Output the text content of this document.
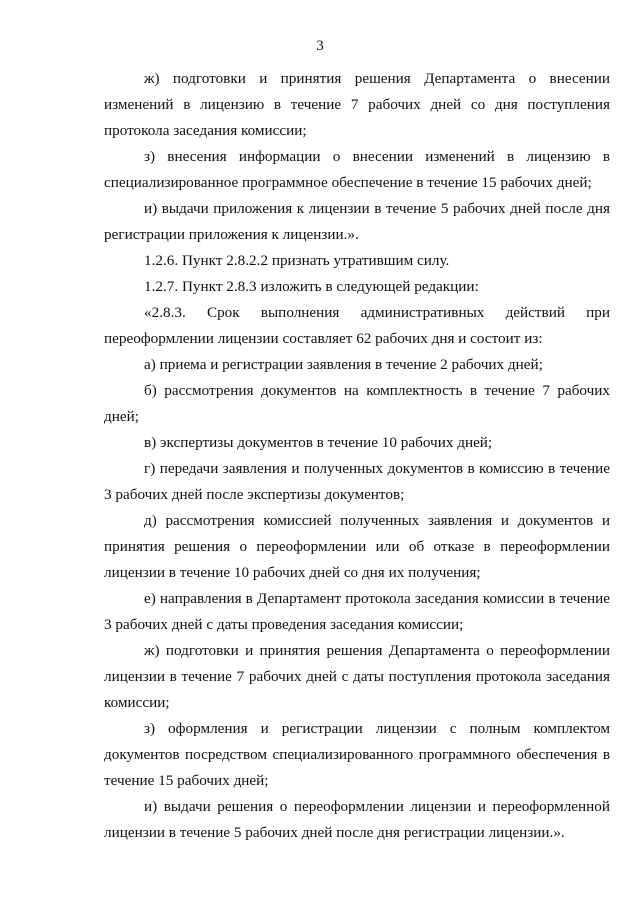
3

ж) подготовки и принятия решения Департамента о внесении изменений в лицензию в течение 7 рабочих дней со дня поступления протокола заседания комиссии;

з) внесения информации о внесении изменений в лицензию в специализированное программное обеспечение в течение 15 рабочих дней;

и) выдачи приложения к лицензии в течение 5 рабочих дней после дня регистрации приложения к лицензии.».

1.2.6. Пункт 2.8.2.2 признать утратившим силу.

1.2.7. Пункт 2.8.3 изложить в следующей редакции:

«2.8.3. Срок выполнения административных действий при переоформлении лицензии составляет 62 рабочих дня и состоит из:

а) приема и регистрации заявления в течение 2 рабочих дней;

б) рассмотрения документов на комплектность в течение 7 рабочих дней;

в) экспертизы документов в течение 10 рабочих дней;

г) передачи заявления и полученных документов в комиссию в течение 3 рабочих дней после экспертизы документов;

д) рассмотрения комиссией полученных заявления и документов и принятия решения о переоформлении или об отказе в переоформлении лицензии в течение 10 рабочих дней со дня их получения;

е) направления в Департамент протокола заседания комиссии в течение 3 рабочих дней с даты проведения заседания комиссии;

ж) подготовки и принятия решения Департамента о переоформлении лицензии в течение 7 рабочих дней с даты поступления протокола заседания комиссии;

з) оформления и регистрации лицензии с полным комплектом документов посредством специализированного программного обеспечения в течение 15 рабочих дней;

и) выдачи решения о переоформлении лицензии и переоформленной лицензии в течение 5 рабочих дней после дня регистрации лицензии.».
